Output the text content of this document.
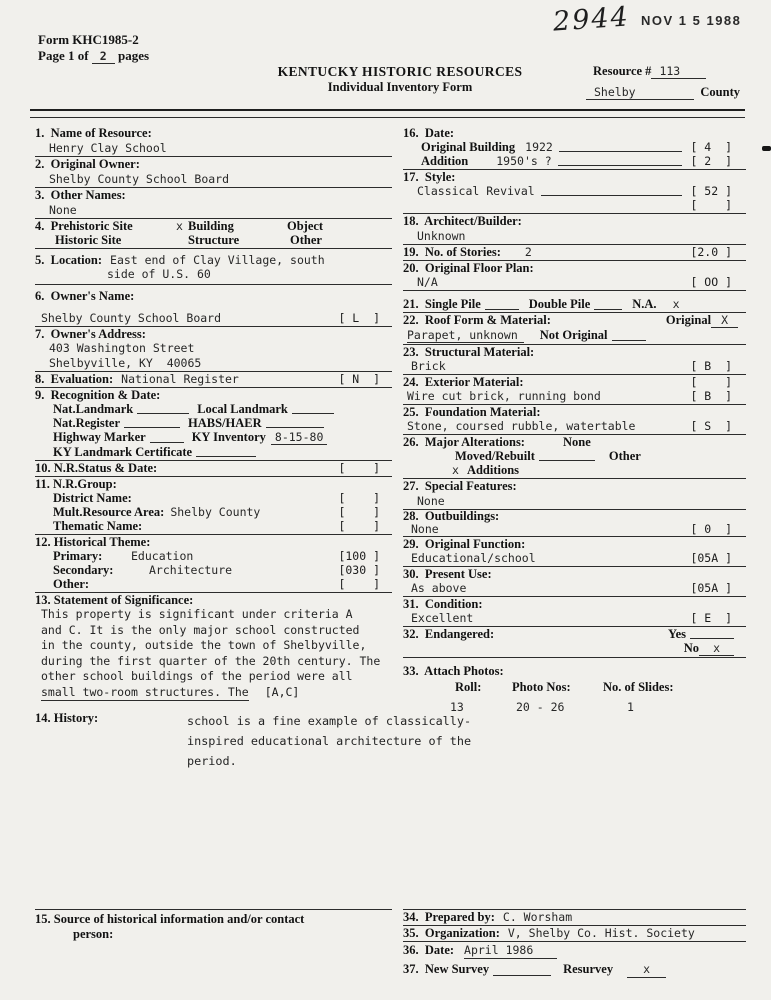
2944 NOV 1 5 1988
Form KHC1985-2
Page 1 of 2 pages
KENTUCKY HISTORIC RESOURCES
Individual Inventory Form
Resource # 113
Shelby	County
1.  Name of Resource:
Henry Clay School
2.  Original Owner:
Shelby County School Board
3.  Other Names:
None
4.  Prehistoric Site	x Building	Object
Historic Site	Structure	Other
5.  Location: East end of Clay Village, south
side of U.S. 60
6.  Owner's Name:
Shelby County School Board	[ L  ]
7.  Owner's Address:
403 Washington Street
Shelbyville, KY  40065
8.  Evaluation: National Register	[ N  ]
9.  Recognition & Date:
Nat.Landmark	Local Landmark
Nat.Register	HABS/HAER
Highway Marker	KY Inventory 8-15-80
KY Landmark Certificate
10. N.R.Status & Date:	[    ]
11. N.R.Group:
District Name:	[    ]
Mult.Resource Area: Shelby County	[    ]
Thematic Name:	[    ]
12. Historical Theme:
Primary:	Education	[100 ]
Secondary:	Architecture	[030 ]
Other:	[    ]
13. Statement of Significance:
This property is significant under criteria A
and C. It is the only major school constructed
in the county, outside the town of Shelbyville,
during the first quarter of the 20th century. The
other school buildings of the period were all
small two-room structures. The [A,C]
14. History:	school is a fine example of classically-
inspired educational architecture of the
period.
16.  Date:
Original Building 1922	[ 4  ]
Addition 1950's ?	[ 2  ]
17.  Style:
Classical Revival	[ 52 ]
[    ]
18.  Architect/Builder:
Unknown
19.  No. of Stories: 2	[2.0 ]
20.  Original Floor Plan:
N/A	[ OO ]
21.  Single Pile	Double Pile	N.A.	x
22.  Roof Form & Material:	Original X
Parapet, unknown	Not Original
23.  Structural Material:
Brick	[ B  ]
24.  Exterior Material:	[    ]
Wire cut brick, running bond	[ B  ]
25.  Foundation Material:
Stone, coursed rubble, watertable	[ S  ]
26.  Major Alterations:	None
Moved/Rebuilt	Other
x Additions
27.  Special Features:
None
28.  Outbuildings:
None	[ 0  ]
29.  Original Function:
Educational/school	[05A ]
30.  Present Use:
As above	[05A ]
31.  Condition:
Excellent	[ E  ]
32.  Endangered:	Yes
No	x
33.  Attach Photos:
Roll:	Photo Nos:	No. of Slides:
13	20 - 26	1
15. Source of historical information and/or contact
person:
34.  Prepared by: C. Worsham
35.  Organization: V, Shelby Co. Hist. Society
36.  Date: April 1986
37.  New Survey	Resurvey	x
